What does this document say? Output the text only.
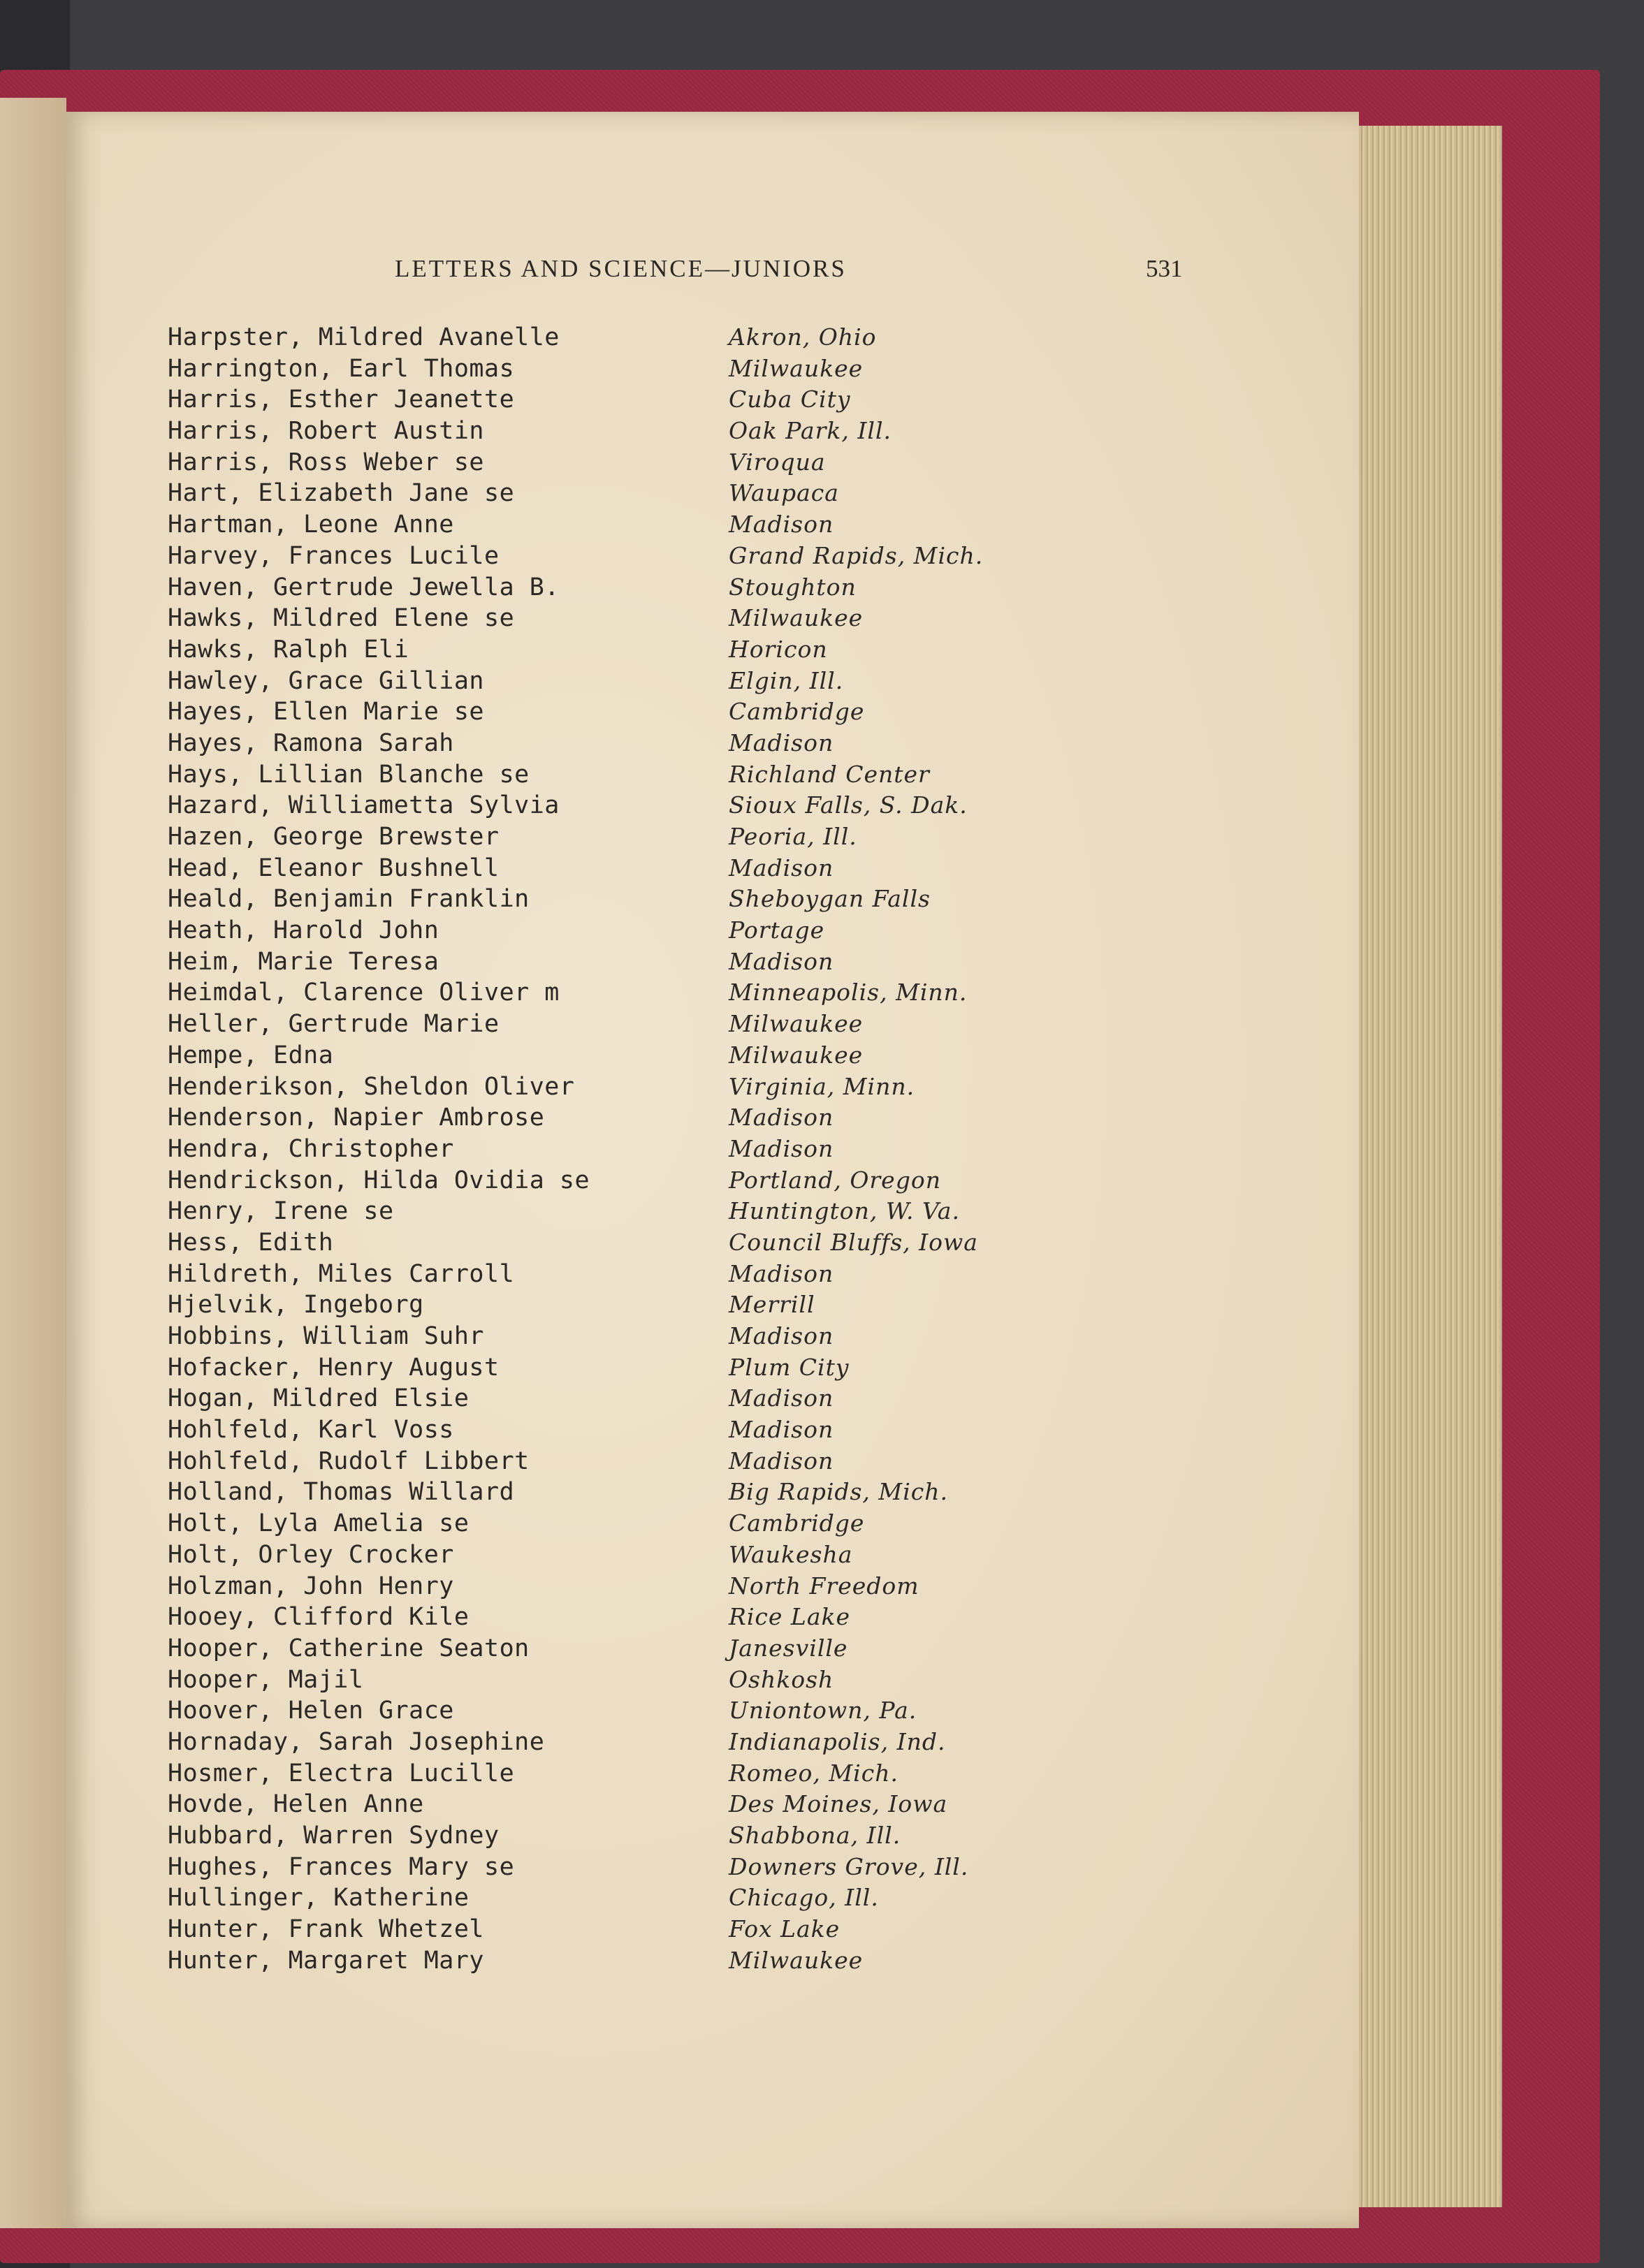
LETTERS AND SCIENCE—JUNIORS	531
Harpster, Mildred Avanelle	Akron, Ohio
Harrington, Earl Thomas	Milwaukee
Harris, Esther Jeanette	Cuba City
Harris, Robert Austin	Oak Park, Ill.
Harris, Ross Weber se	Viroqua
Hart, Elizabeth Jane se	Waupaca
Hartman, Leone Anne	Madison
Harvey, Frances Lucile	Grand Rapids, Mich.
Haven, Gertrude Jewella B.	Stoughton
Hawks, Mildred Elene se	Milwaukee
Hawks, Ralph Eli	Horicon
Hawley, Grace Gillian	Elgin, Ill.
Hayes, Ellen Marie se	Cambridge
Hayes, Ramona Sarah	Madison
Hays, Lillian Blanche se	Richland Center
Hazard, Williametta Sylvia	Sioux Falls, S. Dak.
Hazen, George Brewster	Peoria, Ill.
Head, Eleanor Bushnell	Madison
Heald, Benjamin Franklin	Sheboygan Falls
Heath, Harold John	Portage
Heim, Marie Teresa	Madison
Heimdal, Clarence Oliver m	Minneapolis, Minn.
Heller, Gertrude Marie	Milwaukee
Hempe, Edna	Milwaukee
Henderikson, Sheldon Oliver	Virginia, Minn.
Henderson, Napier Ambrose	Madison
Hendra, Christopher	Madison
Hendrickson, Hilda Ovidia se	Portland, Oregon
Henry, Irene se	Huntington, W. Va.
Hess, Edith	Council Bluffs, Iowa
Hildreth, Miles Carroll	Madison
Hjelvik, Ingeborg	Merrill
Hobbins, William Suhr	Madison
Hofacker, Henry August	Plum City
Hogan, Mildred Elsie	Madison
Hohlfeld, Karl Voss	Madison
Hohlfeld, Rudolf Libbert	Madison
Holland, Thomas Willard	Big Rapids, Mich.
Holt, Lyla Amelia se	Cambridge
Holt, Orley Crocker	Waukesha
Holzman, John Henry	North Freedom
Hooey, Clifford Kile	Rice Lake
Hooper, Catherine Seaton	Janesville
Hooper, Majil	Oshkosh
Hoover, Helen Grace	Uniontown, Pa.
Hornaday, Sarah Josephine	Indianapolis, Ind.
Hosmer, Electra Lucille	Romeo, Mich.
Hovde, Helen Anne	Des Moines, Iowa
Hubbard, Warren Sydney	Shabbona, Ill.
Hughes, Frances Mary se	Downers Grove, Ill.
Hullinger, Katherine	Chicago, Ill.
Hunter, Frank Whetzel	Fox Lake
Hunter, Margaret Mary	Milwaukee
